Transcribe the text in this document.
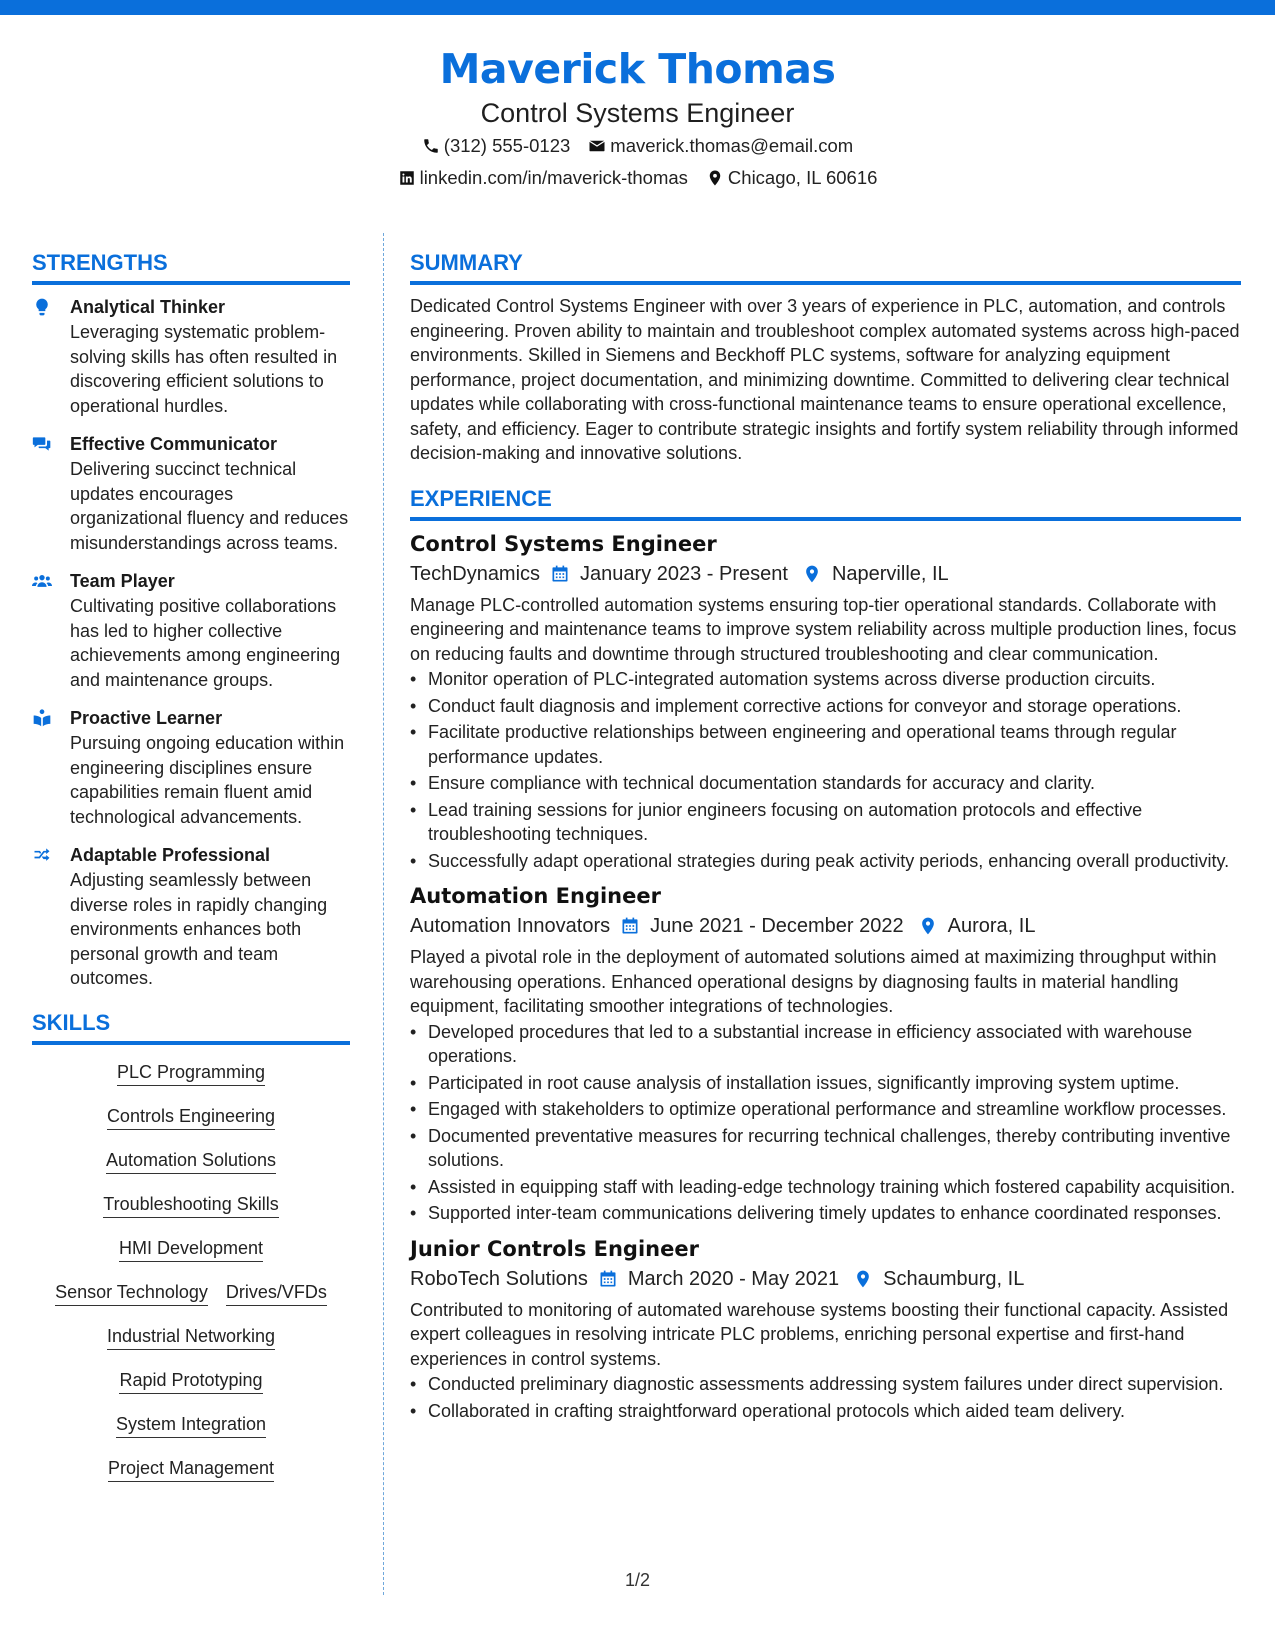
Maverick Thomas
Control Systems Engineer
(312) 555-0123 maverick.thomas@email.com
linkedin.com/in/maverick-thomas Chicago, IL 60616
STRENGTHS
Analytical Thinker
Leveraging systematic problem-solving skills has often resulted in discovering efficient solutions to operational hurdles.
Effective Communicator
Delivering succinct technical updates encourages organizational fluency and reduces misunderstandings across teams.
Team Player
Cultivating positive collaborations has led to higher collective achievements among engineering and maintenance groups.
Proactive Learner
Pursuing ongoing education within engineering disciplines ensure capabilities remain fluent amid technological advancements.
Adaptable Professional
Adjusting seamlessly between diverse roles in rapidly changing environments enhances both personal growth and team outcomes.
SKILLS
PLC Programming
Controls Engineering
Automation Solutions
Troubleshooting Skills
HMI Development
Sensor Technology Drives/VFDs
Industrial Networking
Rapid Prototyping
System Integration
Project Management
SUMMARY
Dedicated Control Systems Engineer with over 3 years of experience in PLC, automation, and controls engineering. Proven ability to maintain and troubleshoot complex automated systems across high-paced environments. Skilled in Siemens and Beckhoff PLC systems, software for analyzing equipment performance, project documentation, and minimizing downtime. Committed to delivering clear technical updates while collaborating with cross-functional maintenance teams to ensure operational excellence, safety, and efficiency. Eager to contribute strategic insights and fortify system reliability through informed decision-making and innovative solutions.
EXPERIENCE
Control Systems Engineer
TechDynamics January 2023 - Present Naperville, IL
Manage PLC-controlled automation systems ensuring top-tier operational standards. Collaborate with engineering and maintenance teams to improve system reliability across multiple production lines, focus on reducing faults and downtime through structured troubleshooting and clear communication.
• Monitor operation of PLC-integrated automation systems across diverse production circuits.
• Conduct fault diagnosis and implement corrective actions for conveyor and storage operations.
• Facilitate productive relationships between engineering and operational teams through regular performance updates.
• Ensure compliance with technical documentation standards for accuracy and clarity.
• Lead training sessions for junior engineers focusing on automation protocols and effective troubleshooting techniques.
• Successfully adapt operational strategies during peak activity periods, enhancing overall productivity.
Automation Engineer
Automation Innovators June 2021 - December 2022 Aurora, IL
Played a pivotal role in the deployment of automated solutions aimed at maximizing throughput within warehousing operations. Enhanced operational designs by diagnosing faults in material handling equipment, facilitating smoother integrations of technologies.
• Developed procedures that led to a substantial increase in efficiency associated with warehouse operations.
• Participated in root cause analysis of installation issues, significantly improving system uptime.
• Engaged with stakeholders to optimize operational performance and streamline workflow processes.
• Documented preventative measures for recurring technical challenges, thereby contributing inventive solutions.
• Assisted in equipping staff with leading-edge technology training which fostered capability acquisition.
• Supported inter-team communications delivering timely updates to enhance coordinated responses.
Junior Controls Engineer
RoboTech Solutions March 2020 - May 2021 Schaumburg, IL
Contributed to monitoring of automated warehouse systems boosting their functional capacity. Assisted expert colleagues in resolving intricate PLC problems, enriching personal expertise and first-hand experiences in control systems.
• Conducted preliminary diagnostic assessments addressing system failures under direct supervision.
• Collaborated in crafting straightforward operational protocols which aided team delivery.
1/2
